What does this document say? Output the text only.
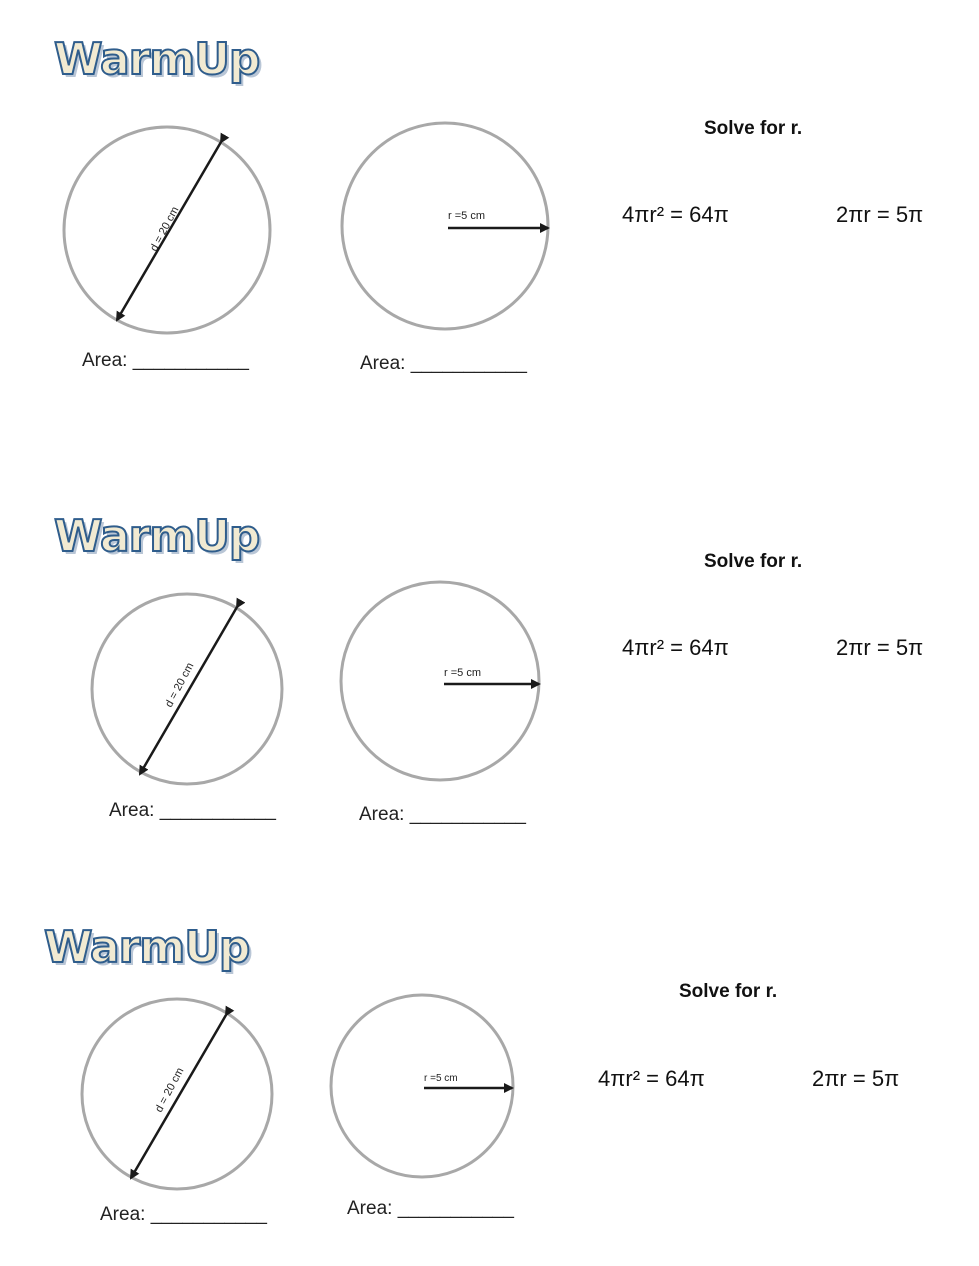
WarmUp
d = 20 cm
Area: ___________
r =5 cm
Area: ___________
Solve for r.
4πr² = 64π	2πr = 5π
WarmUp
d = 20 cm
Area: ___________
r =5 cm
Area: ___________
Solve for r.
4πr² = 64π	2πr = 5π
WarmUp
d = 20 cm
Area: ___________
r =5 cm
Area: ___________
Solve for r.
4πr² = 64π	2πr = 5π
